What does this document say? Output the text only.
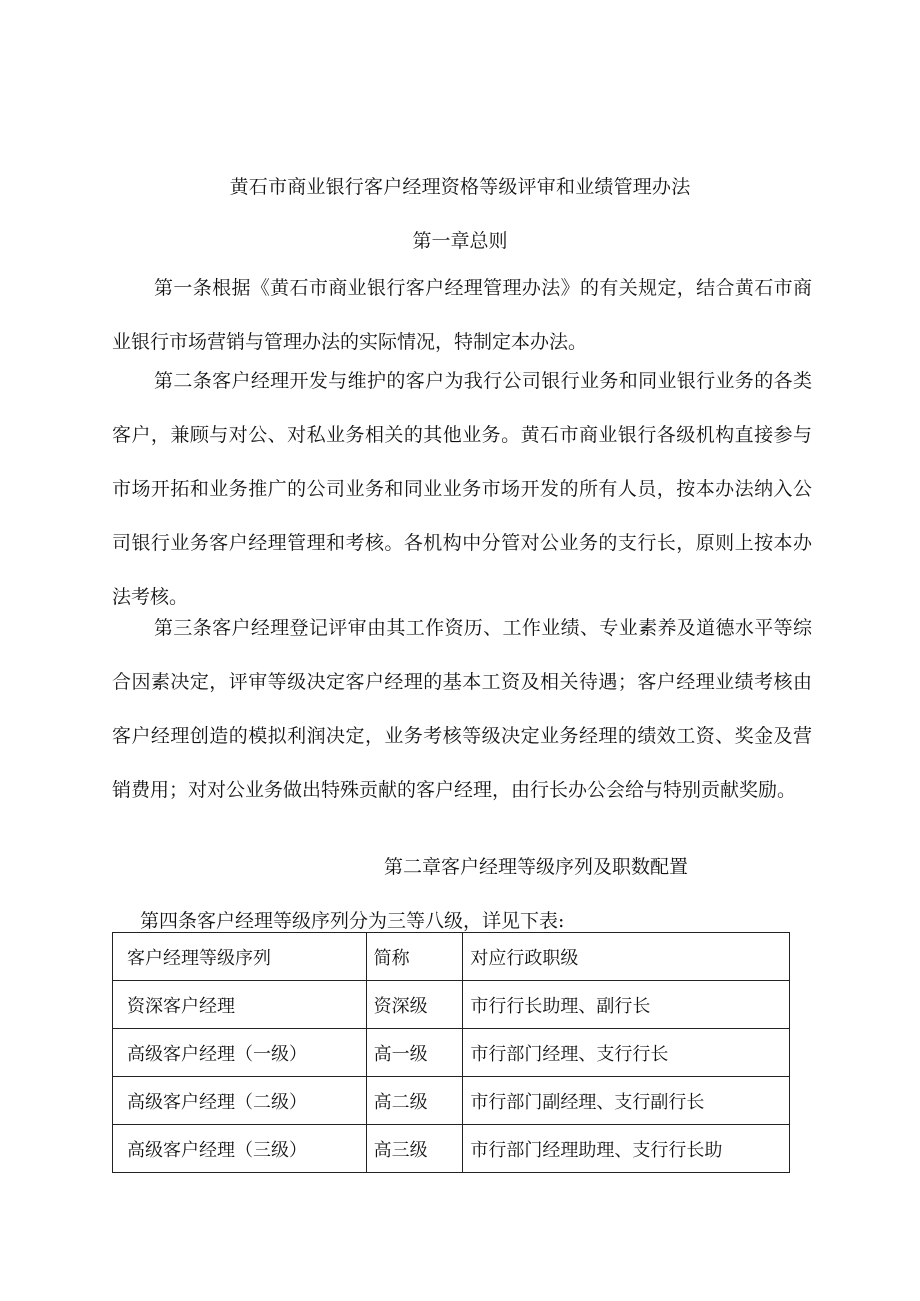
黄石市商业银行客户经理资格等级评审和业绩管理办法
第一章总则

第一条根据《黄石市商业银行客户经理管理办法》的有关规定，结合黄石市商业银行市场营销与管理办法的实际情况，特制定本办法。

第二条客户经理开发与维护的客户为我行公司银行业务和同业银行业务的各类客户，兼顾与对公、对私业务相关的其他业务。黄石市商业银行各级机构直接参与市场开拓和业务推广的公司业务和同业业务市场开发的所有人员，按本办法纳入公司银行业务客户经理管理和考核。各机构中分管对公业务的支行长，原则上按本办法考核。

第三条客户经理登记评审由其工作资历、工作业绩、专业素养及道德水平等综合因素决定，评审等级决定客户经理的基本工资及相关待遇；客户经理业绩考核由客户经理创造的模拟利润决定，业务考核等级决定业务经理的绩效工资、奖金及营销费用；对对公业务做出特殊贡献的客户经理，由行长办公会给与特别贡献奖励。

第二章客户经理等级序列及职数配置
第四条客户经理等级序列分为三等八级，详见下表:
客户经理等级序列	简称	对应行政职级
资深客户经理	资深级	市行行长助理、副行长
高级客户经理（一级）	高一级	市行部门经理、支行行长
高级客户经理（二级）	高二级	市行部门副经理、支行副行长
高级客户经理（三级）	高三级	市行部门经理助理、支行行长助
